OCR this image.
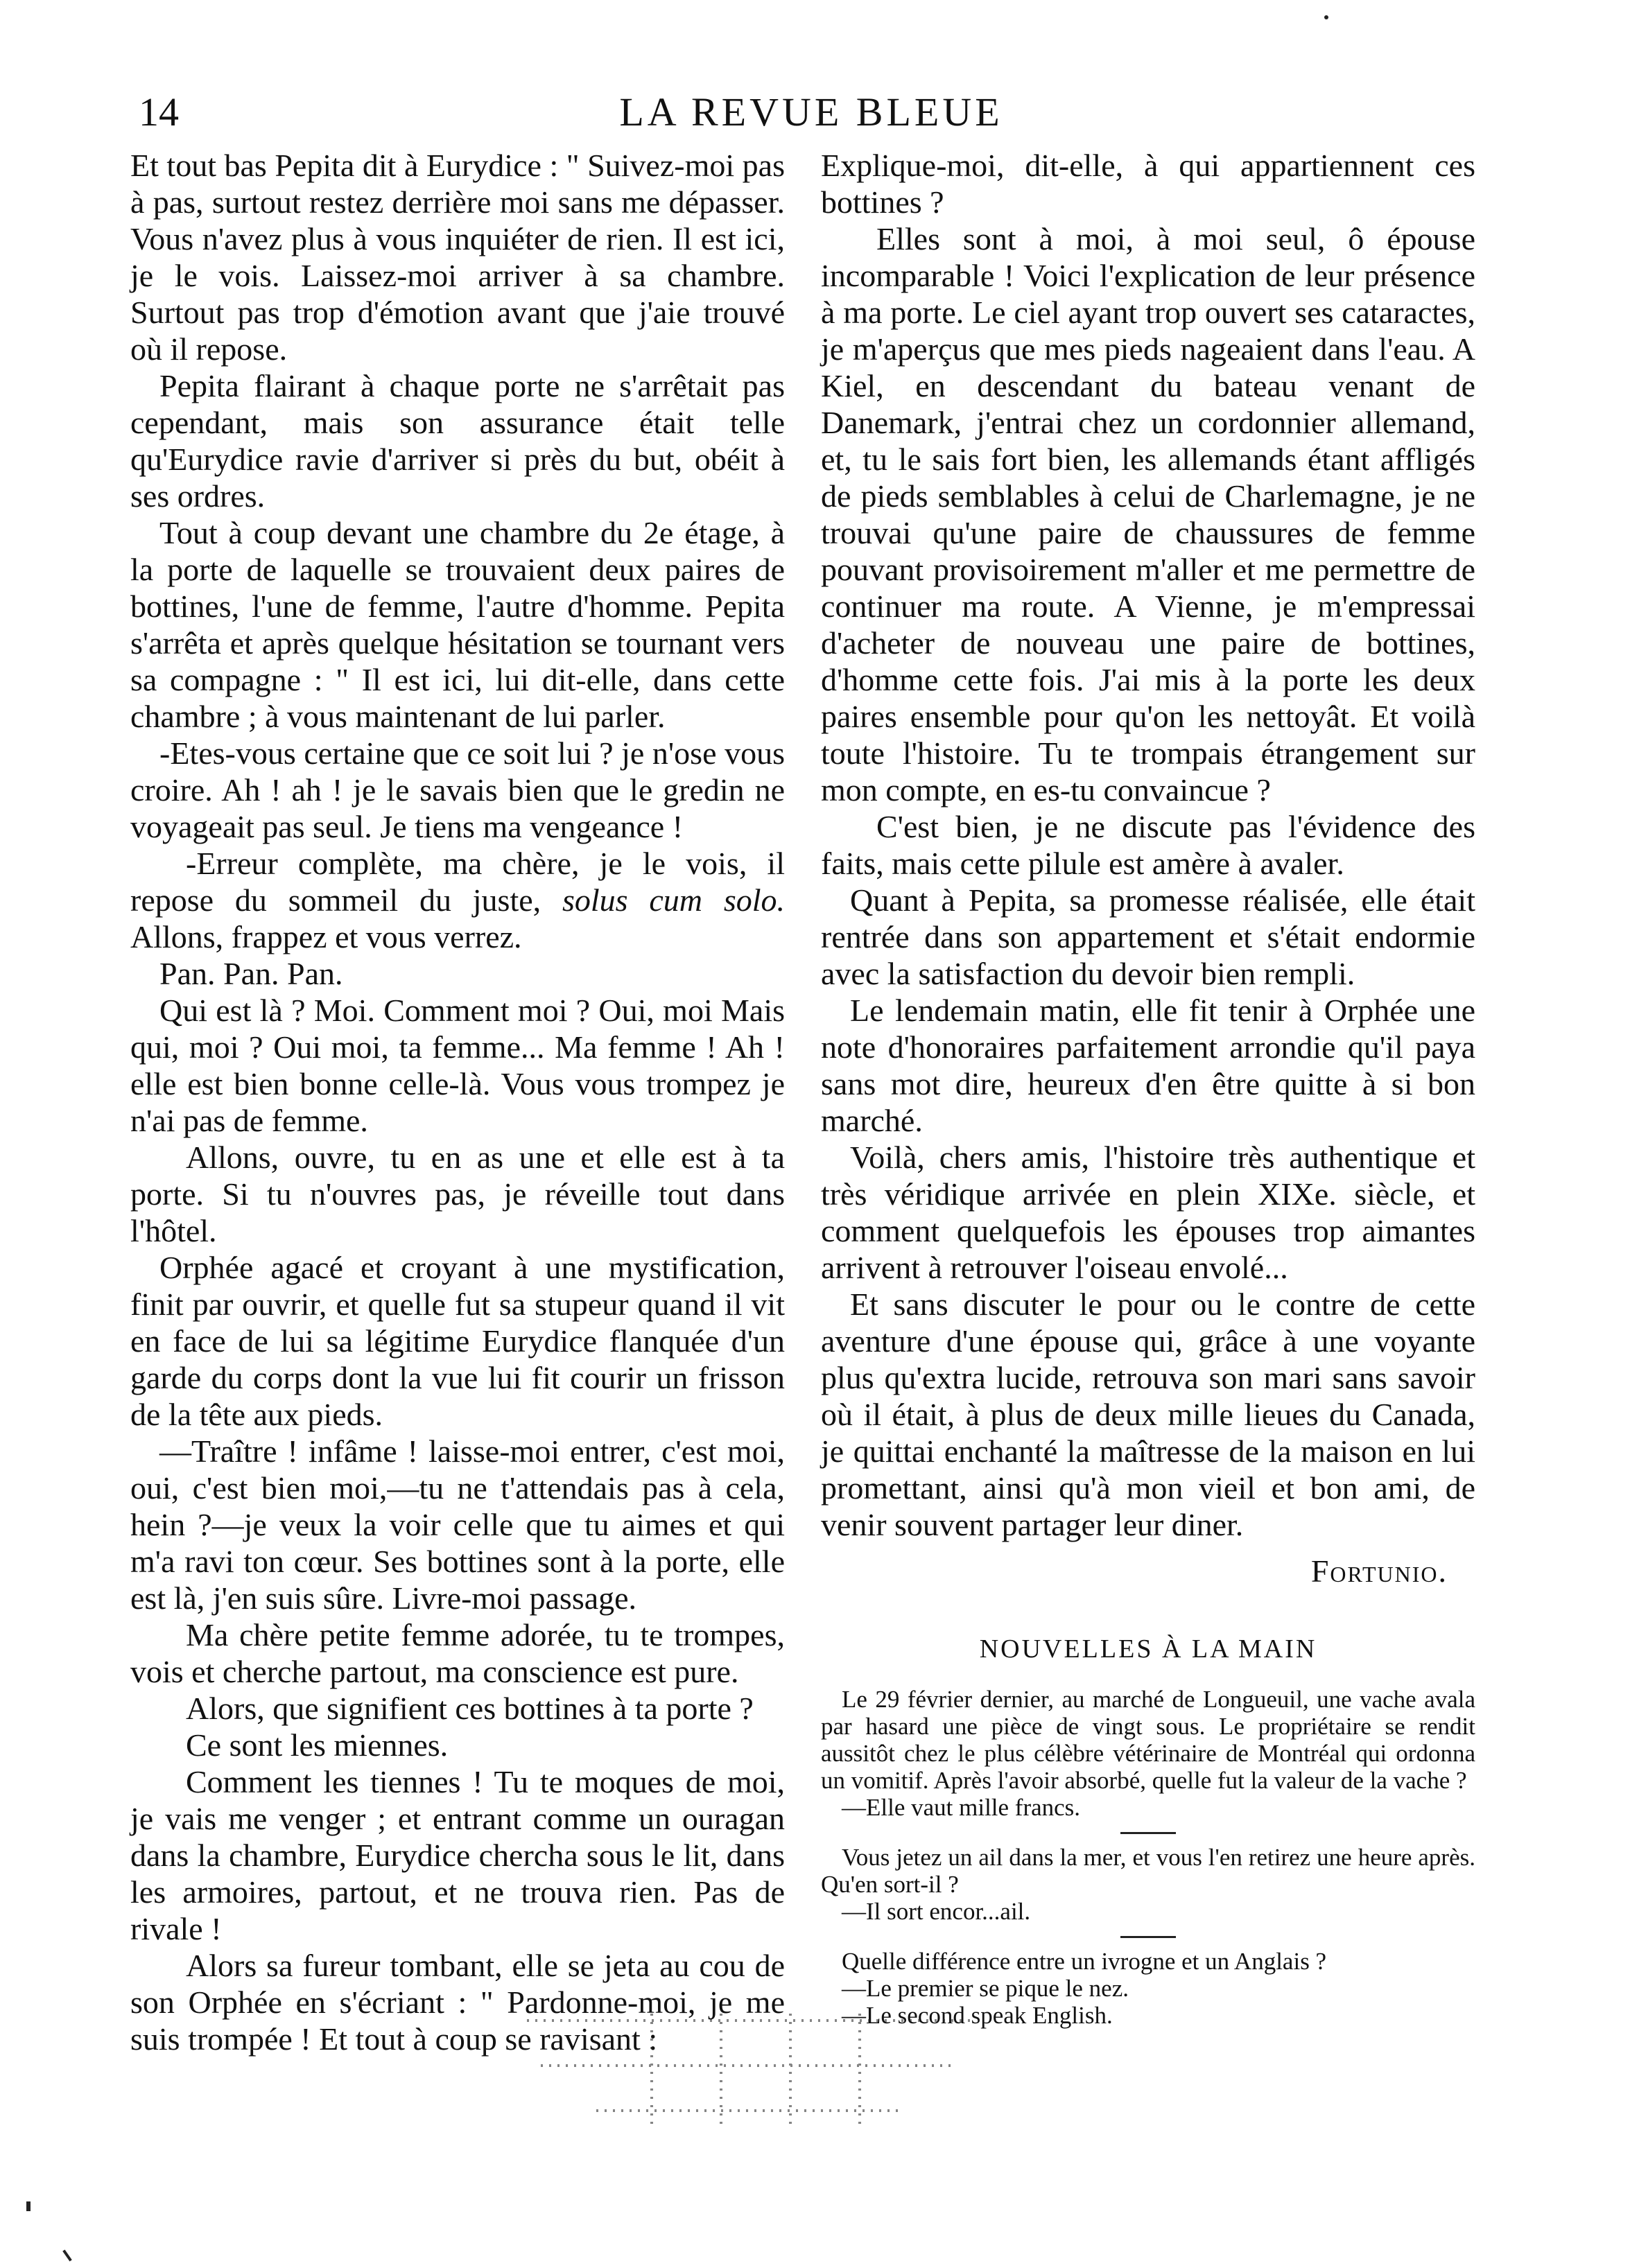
14	LA REVUE BLEUE

Et tout bas Pepita dit à Eurydice : " Suivez-moi pas à pas, surtout restez derrière moi sans me dépasser. Vous n'avez plus à vous inquiéter de rien. Il est ici, je le vois. Laissez-moi arriver à sa chambre. Surtout pas trop d'émotion avant que j'aie trouvé où il repose.

Pepita flairant à chaque porte ne s'arrêtait pas cependant, mais son assurance était telle qu'Eurydice ravie d'arriver si près du but, obéit à ses ordres.

Tout à coup devant une chambre du 2e étage, à la porte de laquelle se trouvaient deux paires de bottines, l'une de femme, l'autre d'homme. Pepita s'arrêta et après quelque hésitation se tournant vers sa compagne : " Il est ici, lui dit-elle, dans cette chambre ; à vous maintenant de lui parler.

-Etes-vous certaine que ce soit lui ? je n'ose vous croire. Ah ! ah ! je le savais bien que le gredin ne voyageait pas seul. Je tiens ma vengeance !

-Erreur complète, ma chère, je le vois, il repose du sommeil du juste, solus cum solo. Allons, frappez et vous verrez.

Pan. Pan. Pan.

Qui est là ? Moi. Comment moi ? Oui, moi Mais qui, moi ? Oui moi, ta femme... Ma femme ! Ah ! elle est bien bonne celle-là. Vous vous trompez je n'ai pas de femme.

Allons, ouvre, tu en as une et elle est à ta porte. Si tu n'ouvres pas, je réveille tout dans l'hôtel.

Orphée agacé et croyant à une mystification, finit par ouvrir, et quelle fut sa stupeur quand il vit en face de lui sa légitime Eurydice flanquée d'un garde du corps dont la vue lui fit courir un frisson de la tête aux pieds.

—Traître ! infâme ! laisse-moi entrer, c'est moi, oui, c'est bien moi,—tu ne t'attendais pas à cela, hein ?—je veux la voir celle que tu aimes et qui m'a ravi ton cœur. Ses bottines sont à la porte, elle est là, j'en suis sûre. Livre-moi passage.

Ma chère petite femme adorée, tu te trompes, vois et cherche partout, ma conscience est pure.

Alors, que signifient ces bottines à ta porte ?

Ce sont les miennes.

Comment les tiennes ! Tu te moques de moi, je vais me venger ; et entrant comme un ouragan dans la chambre, Eurydice chercha sous le lit, dans les armoires, partout, et ne trouva rien. Pas de rivale !

Alors sa fureur tombant, elle se jeta au cou de son Orphée en s'écriant : " Pardonne-moi, je me suis trompée ! Et tout à coup se ravisant :

Explique-moi, dit-elle, à qui appartiennent ces bottines ?

Elles sont à moi, à moi seul, ô épouse incomparable ! Voici l'explication de leur présence à ma porte. Le ciel ayant trop ouvert ses cataractes, je m'aperçus que mes pieds nageaient dans l'eau. A Kiel, en descendant du bateau venant de Danemark, j'entrai chez un cordonnier allemand, et, tu le sais fort bien, les allemands étant affligés de pieds semblables à celui de Charlemagne, je ne trouvai qu'une paire de chaussures de femme pouvant provisoirement m'aller et me permettre de continuer ma route. A Vienne, je m'empressai d'acheter de nouveau une paire de bottines, d'homme cette fois. J'ai mis à la porte les deux paires ensemble pour qu'on les nettoyât. Et voilà toute l'histoire. Tu te trompais étrangement sur mon compte, en es-tu convaincue ?

C'est bien, je ne discute pas l'évidence des faits, mais cette pilule est amère à avaler.

Quant à Pepita, sa promesse réalisée, elle était rentrée dans son appartement et s'était endormie avec la satisfaction du devoir bien rempli.

Le lendemain matin, elle fit tenir à Orphée une note d'honoraires parfaitement arrondie qu'il paya sans mot dire, heureux d'en être quitte à si bon marché.

Voilà, chers amis, l'histoire très authentique et très véridique arrivée en plein XIXe. siècle, et comment quelquefois les épouses trop aimantes arrivent à retrouver l'oiseau envolé...

Et sans discuter le pour ou le contre de cette aventure d'une épouse qui, grâce à une voyante plus qu'extra lucide, retrouva son mari sans savoir où il était, à plus de deux mille lieues du Canada, je quittai enchanté la maîtresse de la maison en lui promettant, ainsi qu'à mon vieil et bon ami, de venir souvent partager leur diner.

Fortunio.

NOUVELLES À LA MAIN

Le 29 février dernier, au marché de Longueuil, une vache avala par hasard une pièce de vingt sous. Le propriétaire se rendit aussitôt chez le plus célèbre vétérinaire de Montréal qui ordonna un vomitif. Après l'avoir absorbé, quelle fut la valeur de la vache ?

—Elle vaut mille francs.

Vous jetez un ail dans la mer, et vous l'en retirez une heure après. Qu'en sort-il ?

—Il sort encor...ail.

Quelle différence entre un ivrogne et un Anglais ?

—Le premier se pique le nez.

—Le second speak English.
